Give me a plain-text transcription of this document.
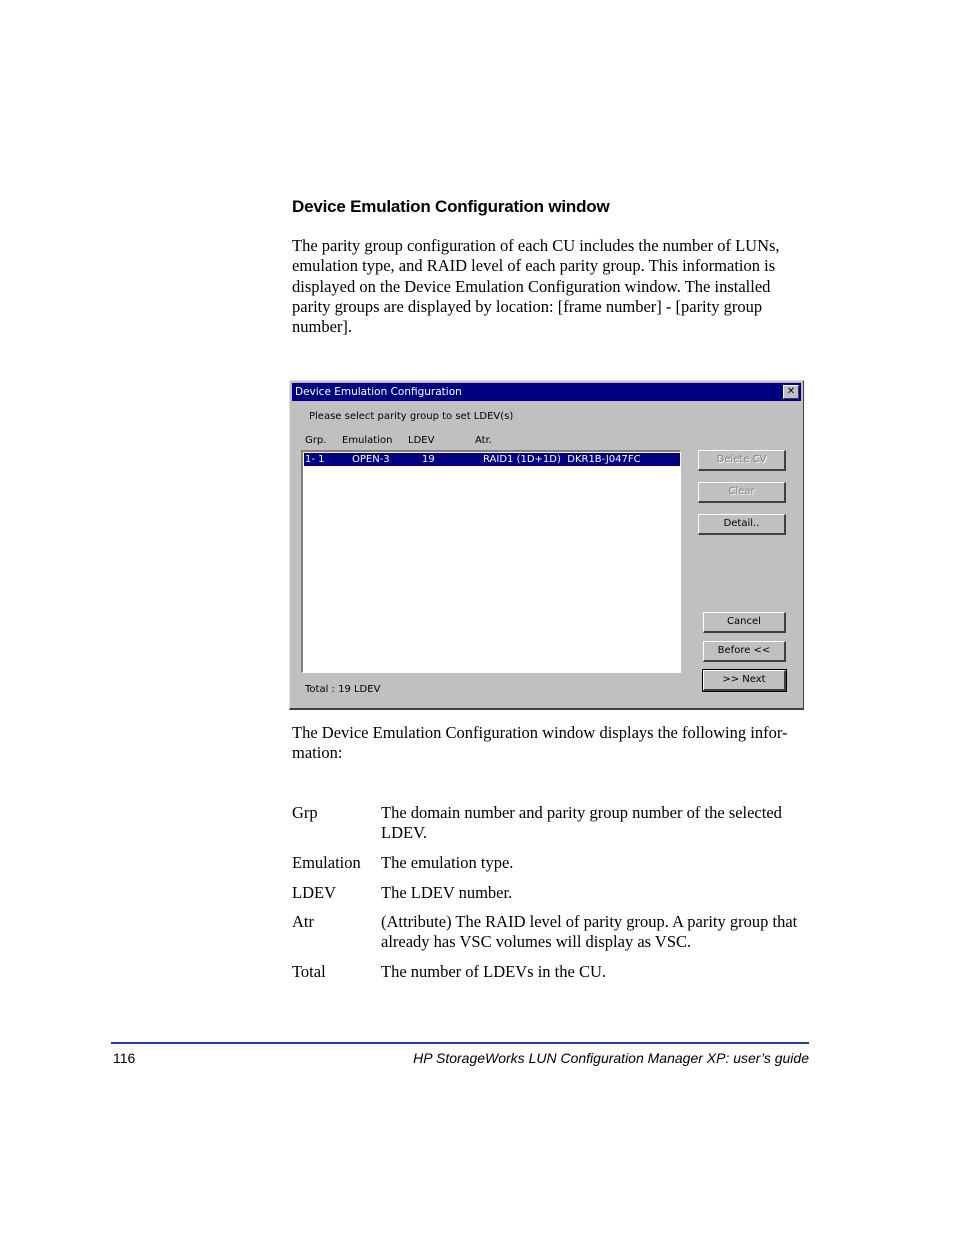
Device Emulation Configuration window
The parity group configuration of each CU includes the number of LUNs, emulation type, and RAID level of each parity group. This information is displayed on the Device Emulation Configuration window. The installed parity groups are displayed by location: [frame number] - [parity group number].
Device Emulation Configuration	✕
Please select parity group to set LDEV(s)
Grp. Emulation LDEV	Atr.
1- 1	OPEN-3	19	RAID1 (1D+1D)  DKR1B-J047FC	Delete CV
Clear
Detail..
Cancel
Before <<
>> Next
Total : 19 LDEV
The Device Emulation Configuration window displays the following infor-mation:
Grp	The domain number and parity group number of the selected LDEV.
Emulation The emulation type.
LDEV	The LDEV number.
Atr	(Attribute) The RAID level of parity group. A parity group that already has VSC volumes will display as VSC.
Total	The number of LDEVs in the CU.
116	HP StorageWorks LUN Configuration Manager XP: user’s guide
